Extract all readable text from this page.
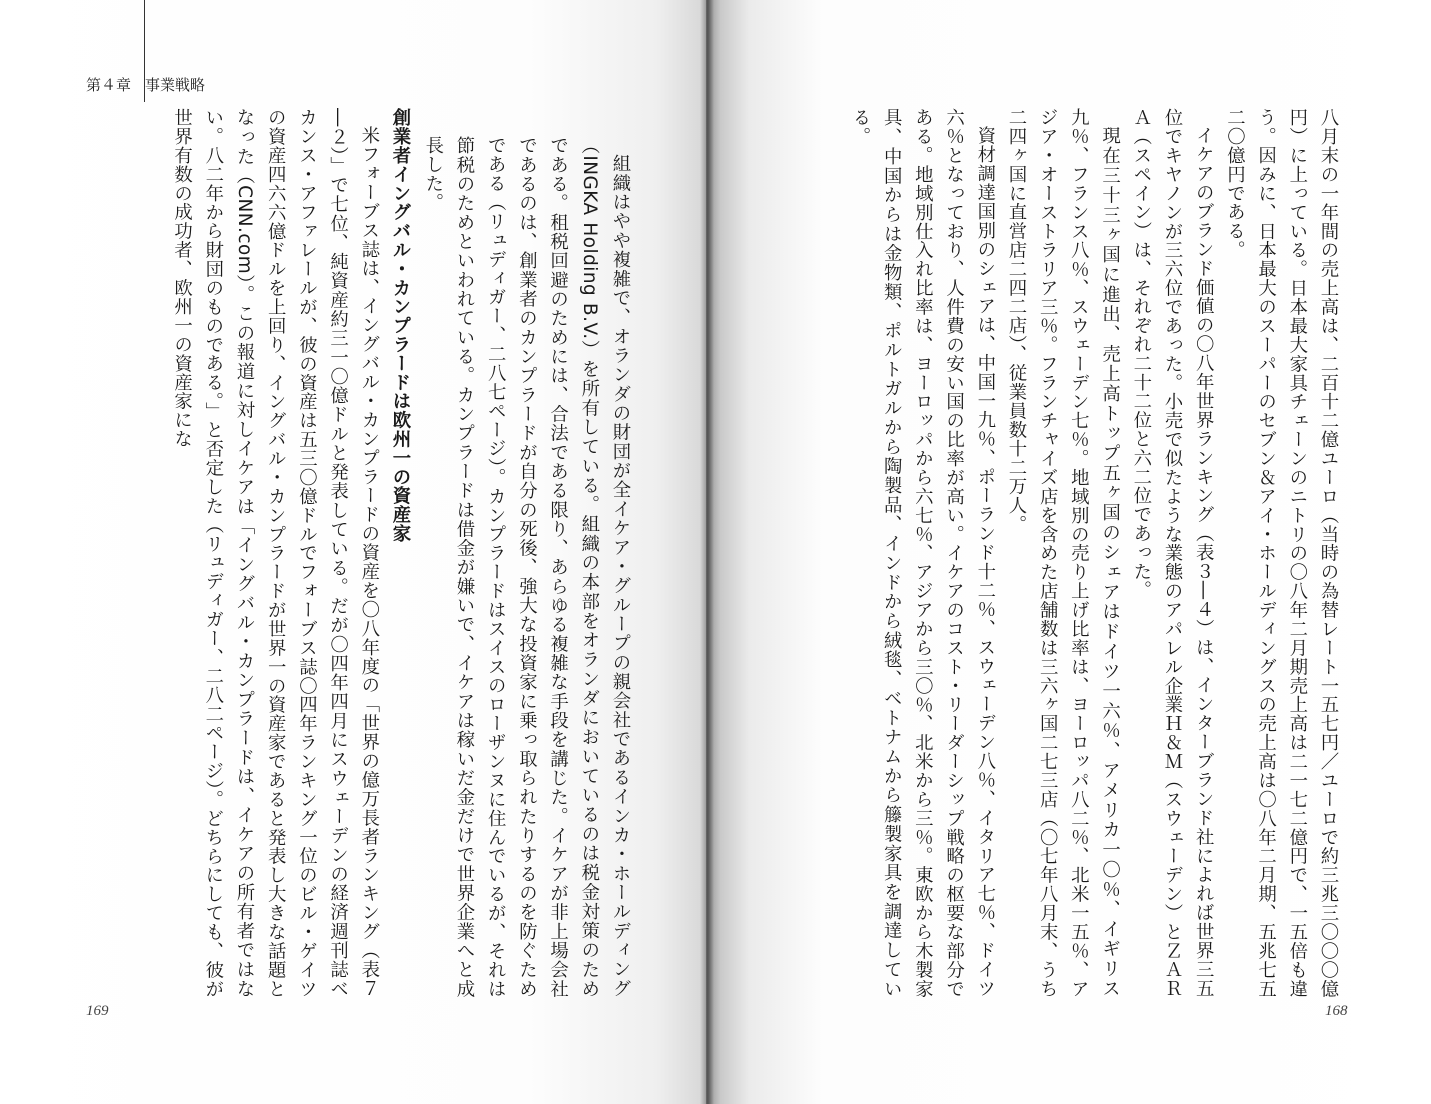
第４章 事業戦略

組織はやや複雑で、オランダの財団が全イケア・グループの親会社であるインカ・ホールディング（INGKA Holding B.V.）を所有している。組織の本部をオランダにおいているのは税金対策のためである。租税回避のためには、合法である限り、あらゆる複雑な手段を講じた。イケアが非上場会社であるのは、創業者のカンプラードが自分の死後、強大な投資家に乗っ取られたりするのを防ぐためである（リュディガー、二八七ページ）。カンプラードはスイスのローザンヌに住んでいるが、それは節税のためといわれている。カンプラードは借金が嫌いで、イケアは稼いだ金だけで世界企業へと成長した。

創業者イングバル・カンプラードは欧州一の資産家

米フォーブス誌は、イングバル・カンプラードの資産を〇八年度の「世界の億万長者ランキング（表７―２）」で七位、純資産約三一〇億ドルと発表している。だが〇四年四月にスウェーデンの経済週刊誌ベカンス・アファレールが、彼の資産は五三〇億ドルでフォーブス誌〇四年ランキング一位のビル・ゲイツの資産四六六億ドルを上回り、イングバル・カンプラードが世界一の資産家であると発表し大きな話題となった（CNN.com）。この報道に対しイケアは「イングバル・カンプラードは、イケアの所有者ではない。八二年から財団のものである。」と否定した（リュディガー、二八二ページ）。どちらにしても、彼が世界有数の成功者、欧州一の資産家にな

169

八月末の一年間の売上高は、二百十二億ユーロ（当時の為替レート一五七円／ユーロで約三兆三〇〇〇億円）に上っている。日本最大家具チェーンのニトリの〇八年二月期売上高は二一七二億円で、一五倍も違う。因みに、日本最大のスーパーのセブン＆アイ・ホールディングスの売上高は〇八年二月期、五兆七五二〇億円である。

イケアのブランド価値の〇八年世界ランキング（表３―４）は、インターブランド社によれば世界三五位でキヤノンが三六位であった。小売で似たような業態のアパレル企業Ｈ＆Ｍ（スウェーデン）とＺＡＲＡ（スペイン）は、それぞれ二十二位と六二位であった。

現在三十三ヶ国に進出、売上高トップ五ヶ国のシェアはドイツ一六％、アメリカ一〇％、イギリス九％、フランス八％、スウェーデン七％。地域別の売り上げ比率は、ヨーロッパ八二％、北米一五％、アジア・オーストラリア三％。フランチャイズ店を含めた店舗数は三六ヶ国二七三店（〇七年八月末、うち二四ヶ国に直営店二四二店）、従業員数十二万人。

資材調達国別のシェアは、中国一九％、ポーランド十二％、スウェーデン八％、イタリア七％、ドイツ六％となっており、人件費の安い国の比率が高い。イケアのコスト・リーダーシップ戦略の枢要な部分である。地域別仕入れ比率は、ヨーロッパから六七％、アジアから三〇％、北米から三％。東欧から木製家具、中国からは金物類、ポルトガルから陶製品、インドから絨毯、ベトナムから籐製家具を調達している。

168
